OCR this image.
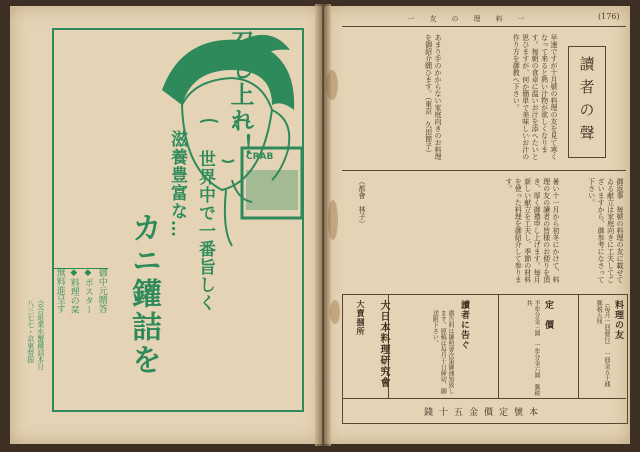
CRAB
召し上れ！
世界中で一番旨しく
滋養豊富な…
カニ鑵詰を
御中元贈答
◆ポスター
◆料理の栞
無料進呈す
会合組業水蟹鑵詰本日
八三七七・京東替振
一　友　の　理　料　一	(176)
讀者の聲
早速ですが十月號の料理の友を見て寒くなって来ると熱い汁物が欲しくなります。毎朝の食卓に温いお汁を添へたいと思ひますが、何か簡単で美味しいお汁の作り方を御教へ下さい。
あまり手のかからない家庭向きのお料理を御紹介願ひます。（東京　久田節子）
御返事　毎號の料理の友に載せてゐる献立は家庭向きに工夫してございますから、御参考になさって下さい。
暑い十一月から初冬にかけて、料理の友の讀者の皆様のお便りを頂き、厚く御禮申し上げます。毎月新しい献立を工夫し、季節の材料を使った料理を御紹介して参ります。
（都會　林子）
料理の友
（毎月一回發行）　一冊金五十銭　郵税五厘
定　價
半年分金三圓　一年分金六圓　郵税共
讀者に告ぐ
廣告料は御照會次第御通知致します。原稿は毎月十日締切、御送附下さい。
大日本料理研究會
大賣捌所
錢十五金價定號本
